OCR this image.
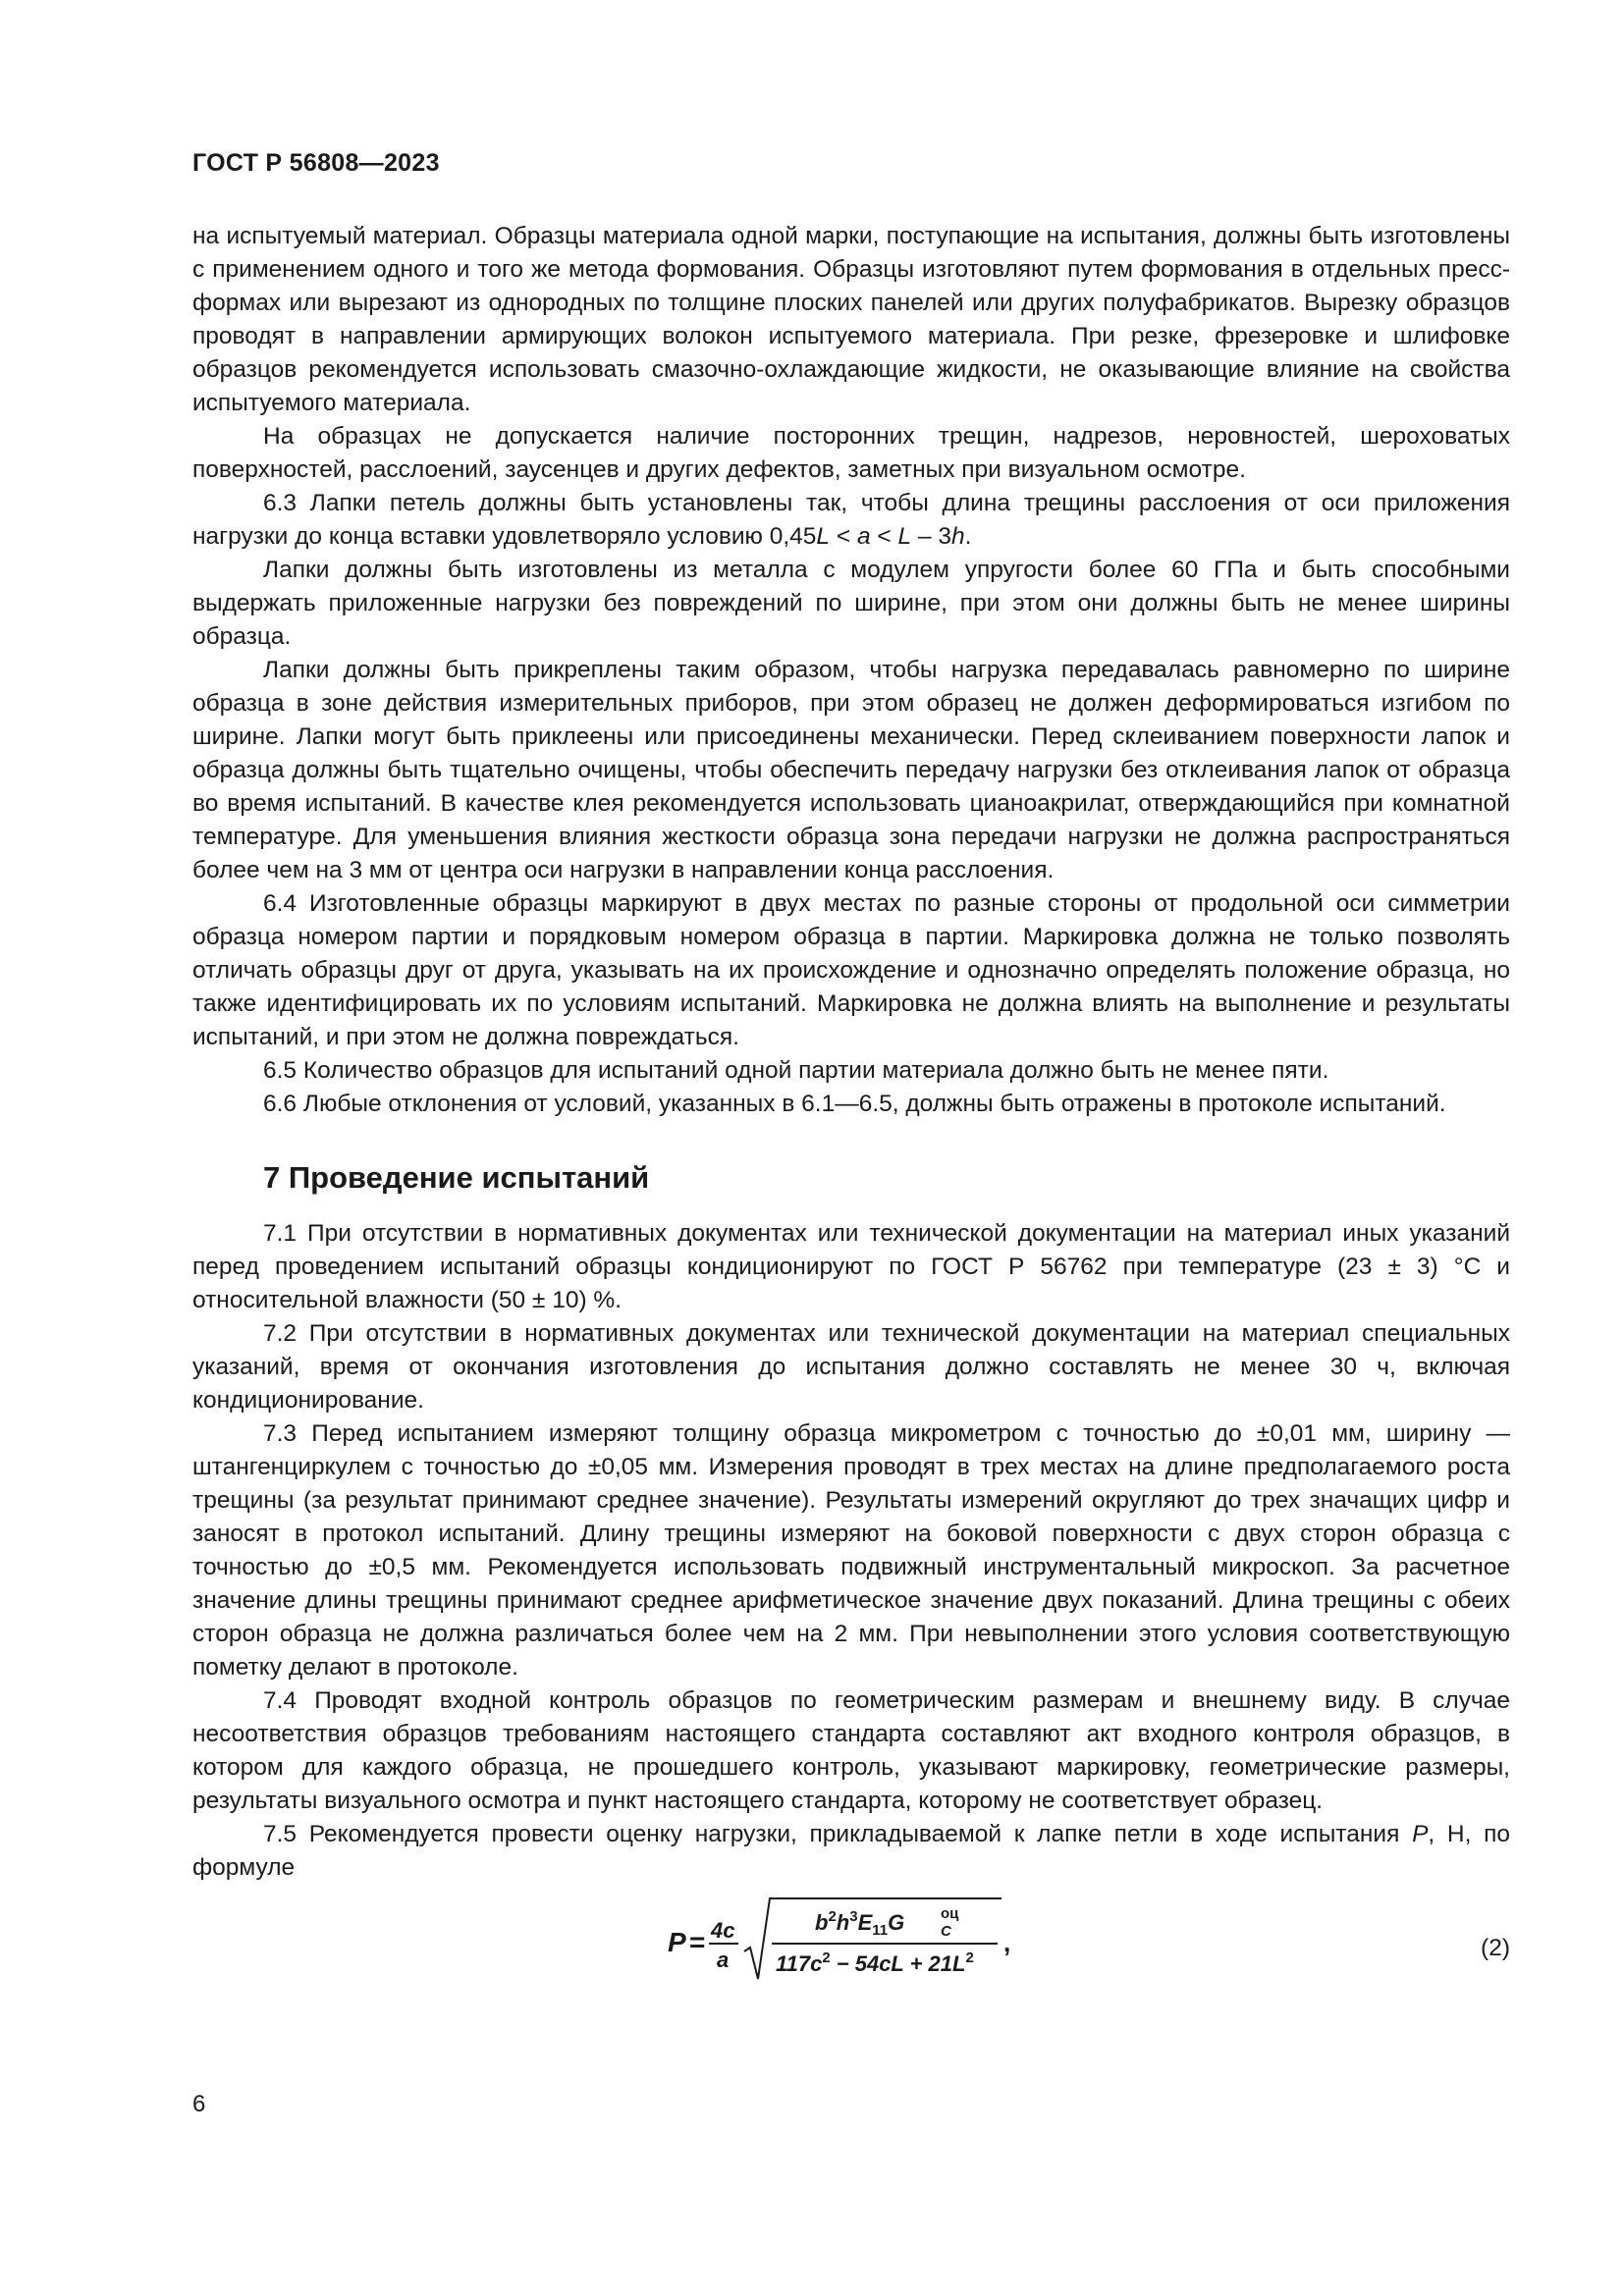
ГОСТ Р 56808—2023

на испытуемый материал. Образцы материала одной марки, поступающие на испытания, должны быть изготовлены с применением одного и того же метода формования. Образцы изготовляют путем формования в отдельных пресс-формах или вырезают из однородных по толщине плоских панелей или других полуфабрикатов. Вырезку образцов проводят в направлении армирующих волокон испытуемого материала. При резке, фрезеровке и шлифовке образцов рекомендуется использовать смазочно-охлаждающие жидкости, не оказывающие влияние на свойства испытуемого материала.

На образцах не допускается наличие посторонних трещин, надрезов, неровностей, шероховатых поверхностей, расслоений, заусенцев и других дефектов, заметных при визуальном осмотре.

6.3 Лапки петель должны быть установлены так, чтобы длина трещины расслоения от оси приложения нагрузки до конца вставки удовлетворяло условию 0,45L < a < L – 3h.

Лапки должны быть изготовлены из металла с модулем упругости более 60 ГПа и быть способными выдержать приложенные нагрузки без повреждений по ширине, при этом они должны быть не менее ширины образца.

Лапки должны быть прикреплены таким образом, чтобы нагрузка передавалась равномерно по ширине образца в зоне действия измерительных приборов, при этом образец не должен деформироваться изгибом по ширине. Лапки могут быть приклеены или присоединены механически. Перед склеиванием поверхности лапок и образца должны быть тщательно очищены, чтобы обеспечить передачу нагрузки без отклеивания лапок от образца во время испытаний. В качестве клея рекомендуется использовать цианоакрилат, отверждающийся при комнатной температуре. Для уменьшения влияния жесткости образца зона передачи нагрузки не должна распространяться более чем на 3 мм от центра оси нагрузки в направлении конца расслоения.

6.4 Изготовленные образцы маркируют в двух местах по разные стороны от продольной оси симметрии образца номером партии и порядковым номером образца в партии. Маркировка должна не только позволять отличать образцы друг от друга, указывать на их происхождение и однозначно определять положение образца, но также идентифицировать их по условиям испытаний. Маркировка не должна влиять на выполнение и результаты испытаний, и при этом не должна повреждаться.

6.5 Количество образцов для испытаний одной партии материала должно быть не менее пяти.

6.6 Любые отклонения от условий, указанных в 6.1—6.5, должны быть отражены в протоколе испытаний.

7 Проведение испытаний

7.1 При отсутствии в нормативных документах или технической документации на материал иных указаний перед проведением испытаний образцы кондиционируют по ГОСТ Р 56762 при температуре (23 ± 3) °С и относительной влажности (50 ± 10) %.

7.2 При отсутствии в нормативных документах или технической документации на материал специальных указаний, время от окончания изготовления до испытания должно составлять не менее 30 ч, включая кондиционирование.

7.3 Перед испытанием измеряют толщину образца микрометром с точностью до ±0,01 мм, ширину — штангенциркулем с точностью до ±0,05 мм. Измерения проводят в трех местах на длине предполагаемого роста трещины (за результат принимают среднее значение). Результаты измерений округляют до трех значащих цифр и заносят в протокол испытаний. Длину трещины измеряют на боковой поверхности с двух сторон образца с точностью до ±0,5 мм. Рекомендуется использовать подвижный инструментальный микроскоп. За расчетное значение длины трещины принимают среднее арифметическое значение двух показаний. Длина трещины с обеих сторон образца не должна различаться более чем на 2 мм. При невыполнении этого условия соответствующую пометку делают в протоколе.

7.4 Проводят входной контроль образцов по геометрическим размерам и внешнему виду. В случае несоответствия образцов требованиям настоящего стандарта составляют акт входного контроля образцов, в котором для каждого образца, не прошедшего контроль, указывают маркировку, геометрические размеры, результаты визуального осмотра и пункт настоящего стандарта, которому не соответствует образец.

7.5 Рекомендуется провести оценку нагрузки, прикладываемой к лапке петли в ходе испытания P, Н, по формуле

P = 4c
a
$b^2h^3E_{11}G$ оц
C
$117c^2 - 54cL + 21L^2$
,	(2)
6
